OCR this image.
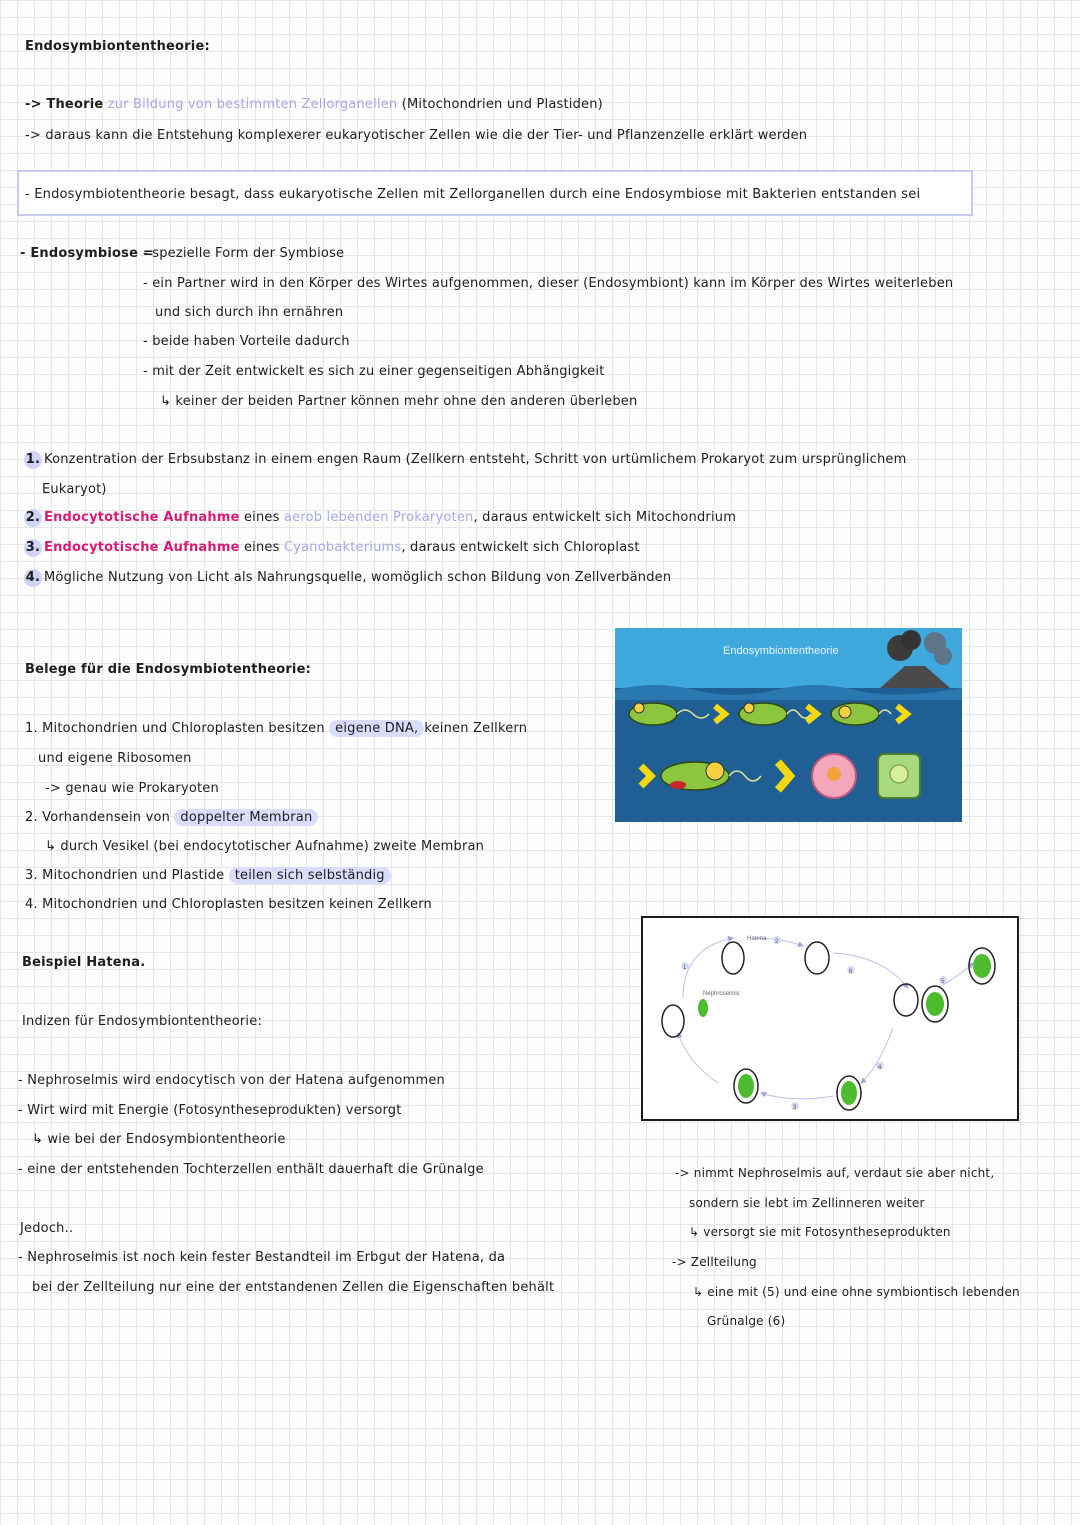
Endosymbiontentheorie:
-> Theorie zur Bildung von bestimmten Zellorganellen (Mitochondrien und Plastiden)
-> daraus kann die Entstehung komplexerer eukaryotischer Zellen wie die der Tier- und Pflanzenzelle erklärt werden
- Endosymbiotentheorie besagt, dass eukaryotische Zellen mit Zellorganellen durch eine Endosymbiose mit Bakterien entstanden sei
- Endosymbiose =
- spezielle Form der Symbiose
- ein Partner wird in den Körper des Wirtes aufgenommen, dieser (Endosymbiont) kann im Körper des Wirtes weiterleben
und sich durch ihn ernähren
- beide haben Vorteile dadurch
- mit der Zeit entwickelt es sich zu einer gegenseitigen Abhängigkeit
↳ keiner der beiden Partner können mehr ohne den anderen überleben
1. Konzentration der Erbsubstanz in einem engen Raum (Zellkern entsteht, Schritt von urtümlichem Prokaryot zum ursprünglichem
Eukaryot)
2. Endocytotische Aufnahme eines aerob lebenden Prokaryoten, daraus entwickelt sich Mitochondrium
3. Endocytotische Aufnahme eines Cyanobakteriums, daraus entwickelt sich Chloroplast
4. Mögliche Nutzung von Licht als Nahrungsquelle, womöglich schon Bildung von Zellverbänden
Endosymbiontentheorie
Belege für die Endosymbiotentheorie:
1. Mitochondrien und Chloroplasten besitzen eigene DNA, keinen Zellkern
und eigene Ribosomen
-> genau wie Prokaryoten
2. Vorhandensein von doppelter Membran
↳ durch Vesikel (bei endocytotischer Aufnahme) zweite Membran
3. Mitochondrien und Plastide teilen sich selbständig
4. Mitochondrien und Chloroplasten besitzen keinen Zellkern
Beispiel Hatena.	1
2
3
4
5
6
Hatena
Nephroselmis
Indizen für Endosymbiontentheorie:
- Nephroselmis wird endocytisch von der Hatena aufgenommen
- Wirt wird mit Energie (Fotosyntheseprodukten) versorgt
↳ wie bei der Endosymbiontentheorie
- eine der entstehenden Tochterzellen enthält dauerhaft die Grünalge
Jedoch..
- Nephroselmis ist noch kein fester Bestandteil im Erbgut der Hatena, da
bei der Zellteilung nur eine der entstandenen Zellen die Eigenschaften behält
-> nimmt Nephroselmis auf, verdaut sie aber nicht,
sondern sie lebt im Zellinneren weiter
↳ versorgt sie mit Fotosyntheseprodukten
-> Zellteilung
↳ eine mit (5) und eine ohne symbiontisch lebenden
Grünalge (6)
